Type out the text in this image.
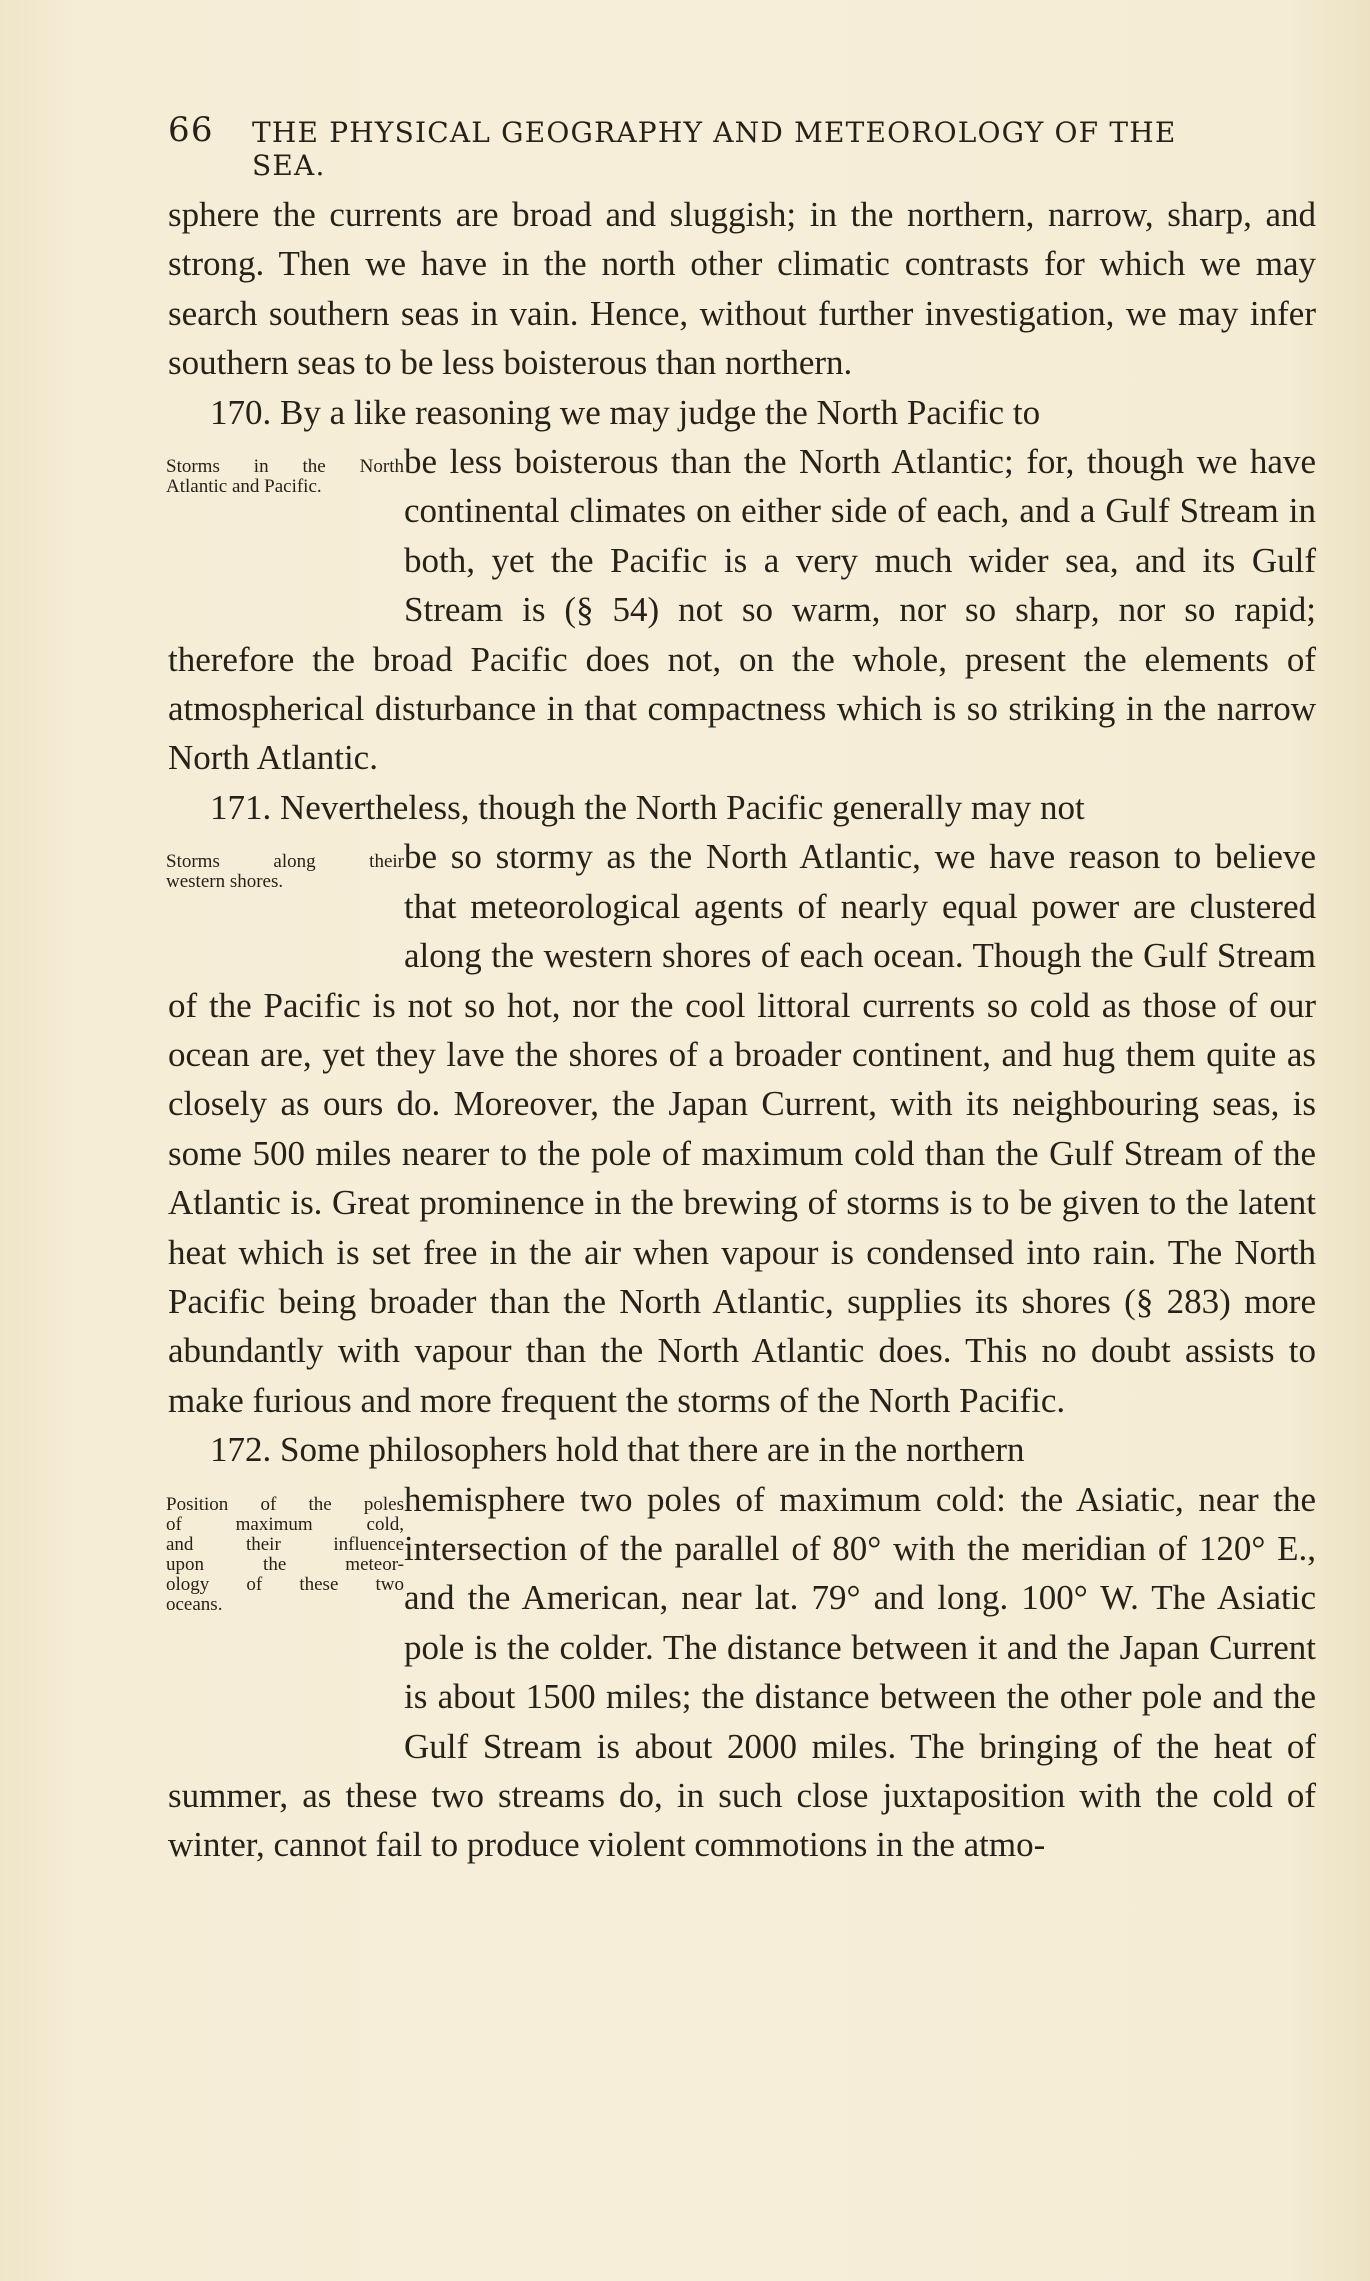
66 THE PHYSICAL GEOGRAPHY AND METEOROLOGY OF THE SEA.

sphere the currents are broad and sluggish; in the northern, narrow, sharp, and strong. Then we have in the north other climatic contrasts for which we may search southern seas in vain. Hence, without further investigation, we may infer southern seas to be less boisterous than northern.

170. By a like reasoning we may judge the North Pacific to

Storms in the North
Atlantic and Pacific.

be less boisterous than the North Atlantic; for, though we have continental climates on either side of each, and a Gulf Stream in both, yet the Pacific is a very much wider sea, and its Gulf Stream is (§ 54) not so warm, nor so sharp, nor so rapid; therefore the broad Pacific does not, on the whole, present the elements of atmospherical disturbance in that compactness which is so striking in the narrow North Atlantic.

171. Nevertheless, though the North Pacific generally may not

Storms along their
western shores.

be so stormy as the North Atlantic, we have reason to believe that meteorological agents of nearly equal power are clustered along the western shores of each ocean. Though the Gulf Stream of the Pacific is not so hot, nor the cool littoral currents so cold as those of our ocean are, yet they lave the shores of a broader continent, and hug them quite as closely as ours do. Moreover, the Japan Current, with its neighbouring seas, is some 500 miles nearer to the pole of maximum cold than the Gulf Stream of the Atlantic is. Great prominence in the brewing of storms is to be given to the latent heat which is set free in the air when vapour is condensed into rain. The North Pacific being broader than the North Atlantic, supplies its shores (§ 283) more abundantly with vapour than the North Atlantic does. This no doubt assists to make furious and more frequent the storms of the North Pacific.

172. Some philosophers hold that there are in the northern

Position of the poles
of maximum cold,
and their influence
upon the meteor-
ology of these two
oceans.

hemisphere two poles of maximum cold: the Asiatic, near the intersection of the parallel of 80° with the meridian of 120° E., and the American, near lat. 79° and long. 100° W. The Asiatic pole is the colder. The distance between it and the Japan Current is about 1500 miles; the distance between the other pole and the Gulf Stream is about 2000 miles. The bringing of the heat of summer, as these two streams do, in such close juxtaposition with the cold of winter, cannot fail to produce violent commotions in the atmo-
